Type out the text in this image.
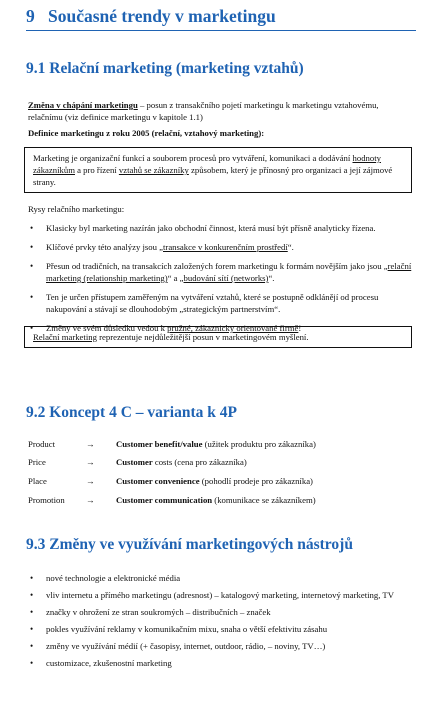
9 Současné trendy v marketingu
9.1 Relační marketing (marketing vztahů)
Změna v chápání marketingu – posun z transakčního pojetí marketingu k marketingu vztahovému, relačnímu (viz definice marketingu v kapitole 1.1)
Definice marketingu z roku 2005 (relační, vztahový marketing):
Marketing je organizační funkcí a souborem procesů pro vytváření, komunikaci a dodávání hodnoty zákazníkům a pro řízení vztahů se zákazníky způsobem, který je přínosný pro organizaci a její zájmové strany.
Rysy relačního marketingu:
• Klasicky byl marketing nazírán jako obchodní činnost, která musí být přísně analyticky řízena.
• Klíčové prvky této analýzy jsou „transakce v konkurenčním prostředí“.
• Přesun od tradičních, na transakcích založených forem marketingu k formám novějším jako jsou „relační marketing (relationship marketing)“ a „budování sítí (networks)“.
• Ten je určen přístupem zaměřeným na vytváření vztahů, které se postupně odklánějí od procesu nakupování a stávají se dlouhodobým „strategickým partnerstvím“.
• Změny ve svém důsledku vedou k pružné, zákaznicky orientované firmě!
Relační marketing reprezentuje nejdůležitější posun v marketingovém myšlení.
9.2 Koncept 4 C – varianta k 4P
Product	→	Customer benefit/value (užitek produktu pro zákazníka)
Price	→	Customer costs (cena pro zákazníka)
Place	→	Customer convenience (pohodlí prodeje pro zákazníka)
Promotion	→	Customer communication (komunikace se zákazníkem)
9.3 Změny ve využívání marketingových nástrojů
• nové technologie a elektronické média
• vliv internetu a přímého marketingu (adresnost) – katalogový marketing, internetový marketing, TV
• značky v ohrožení ze stran soukromých – distribučních – značek
• pokles využívání reklamy v komunikačním mixu, snaha o větší efektivitu zásahu
• změny ve využívání médií (+ časopisy, internet, outdoor, rádio, – noviny, TV…)
• customizace, zkušenostní marketing
